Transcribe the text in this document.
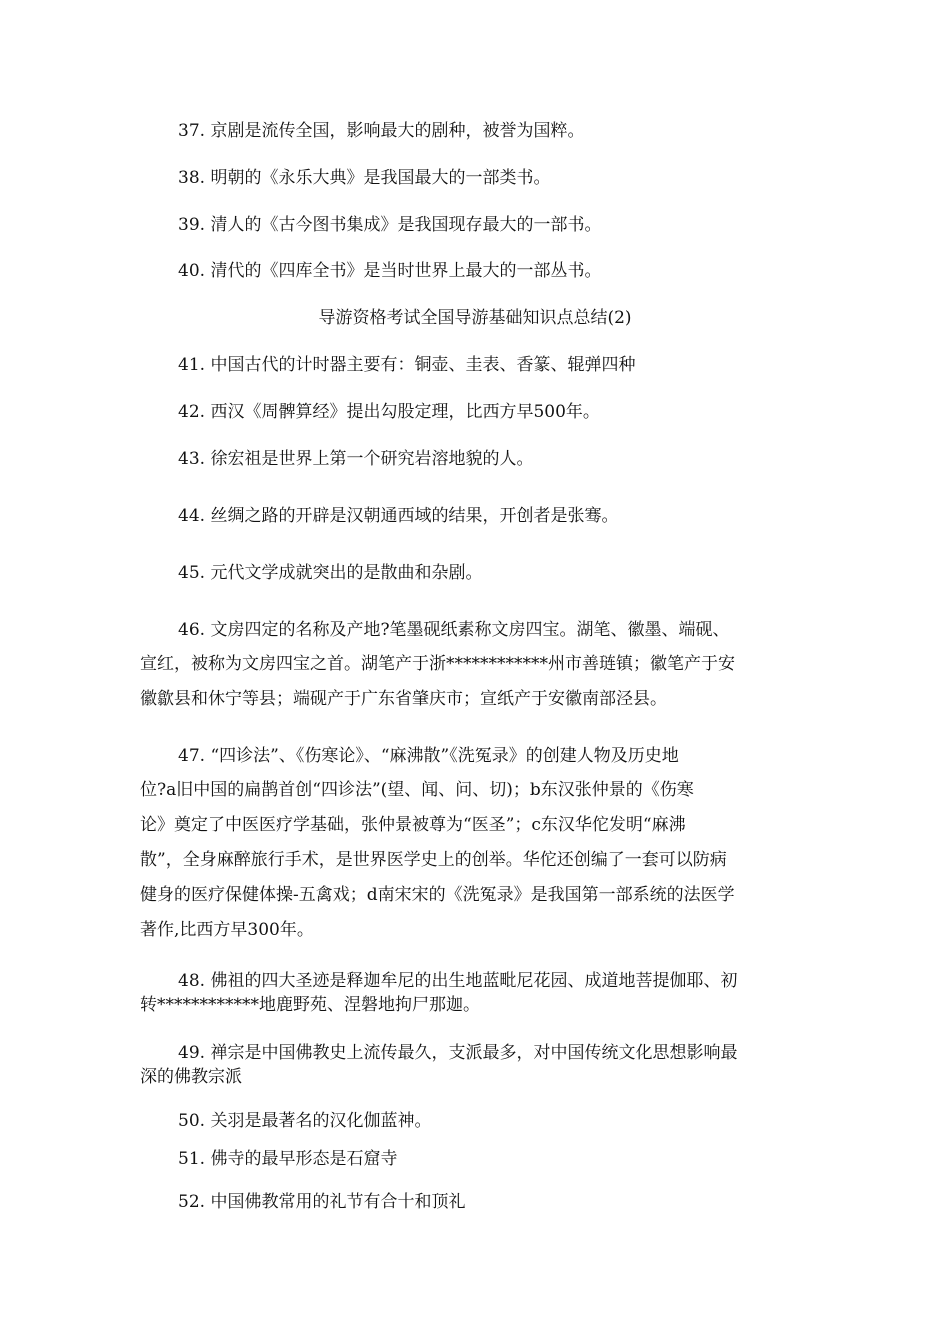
37. 京剧是流传全国，影响最大的剧种，被誉为国粹。
38. 明朝的《永乐大典》是我国最大的一部类书。
39. 清人的《古今图书集成》是我国现存最大的一部书。
40. 清代的《四库全书》是当时世界上最大的一部丛书。
导游资格考试全国导游基础知识点总结(2)
41. 中国古代的计时器主要有：铜壶、圭表、香篆、辊弹四种
42. 西汉《周髀算经》提出勾股定理，比西方早500年。
43. 徐宏祖是世界上第一个研究岩溶地貌的人。
44. 丝绸之路的开辟是汉朝通西域的结果，开创者是张骞。
45. 元代文学成就突出的是散曲和杂剧。
46. 文房四定的名称及产地?笔墨砚纸素称文房四宝。湖笔、徽墨、端砚、
宣红，被称为文房四宝之首。湖笔产于浙************州市善琏镇；徽笔产于安
徽歙县和休宁等县；端砚产于广东省肇庆市；宣纸产于安徽南部泾县。
47. “四诊法”、《伤寒论》、“麻沸散”《洗冤录》的创建人物及历史地
位?a旧中国的扁鹊首创“四诊法”(望、闻、问、切)；b东汉张仲景的《伤寒
论》奠定了中医医疗学基础，张仲景被尊为“医圣”；c东汉华佗发明“麻沸
散”，全身麻醉旅行手术，是世界医学史上的创举。华佗还创编了一套可以防病
健身的医疗保健体操-五禽戏；d南宋宋的《洗冤录》是我国第一部系统的法医学
著作,比西方早300年。
48. 佛祖的四大圣迹是释迦牟尼的出生地蓝毗尼花园、成道地菩提伽耶、初
转************地鹿野苑、涅磐地拘尸那迦。
49. 禅宗是中国佛教史上流传最久，支派最多，对中国传统文化思想影响最
深的佛教宗派
50. 关羽是最著名的汉化伽蓝神。
51. 佛寺的最早形态是石窟寺
52. 中国佛教常用的礼节有合十和顶礼
